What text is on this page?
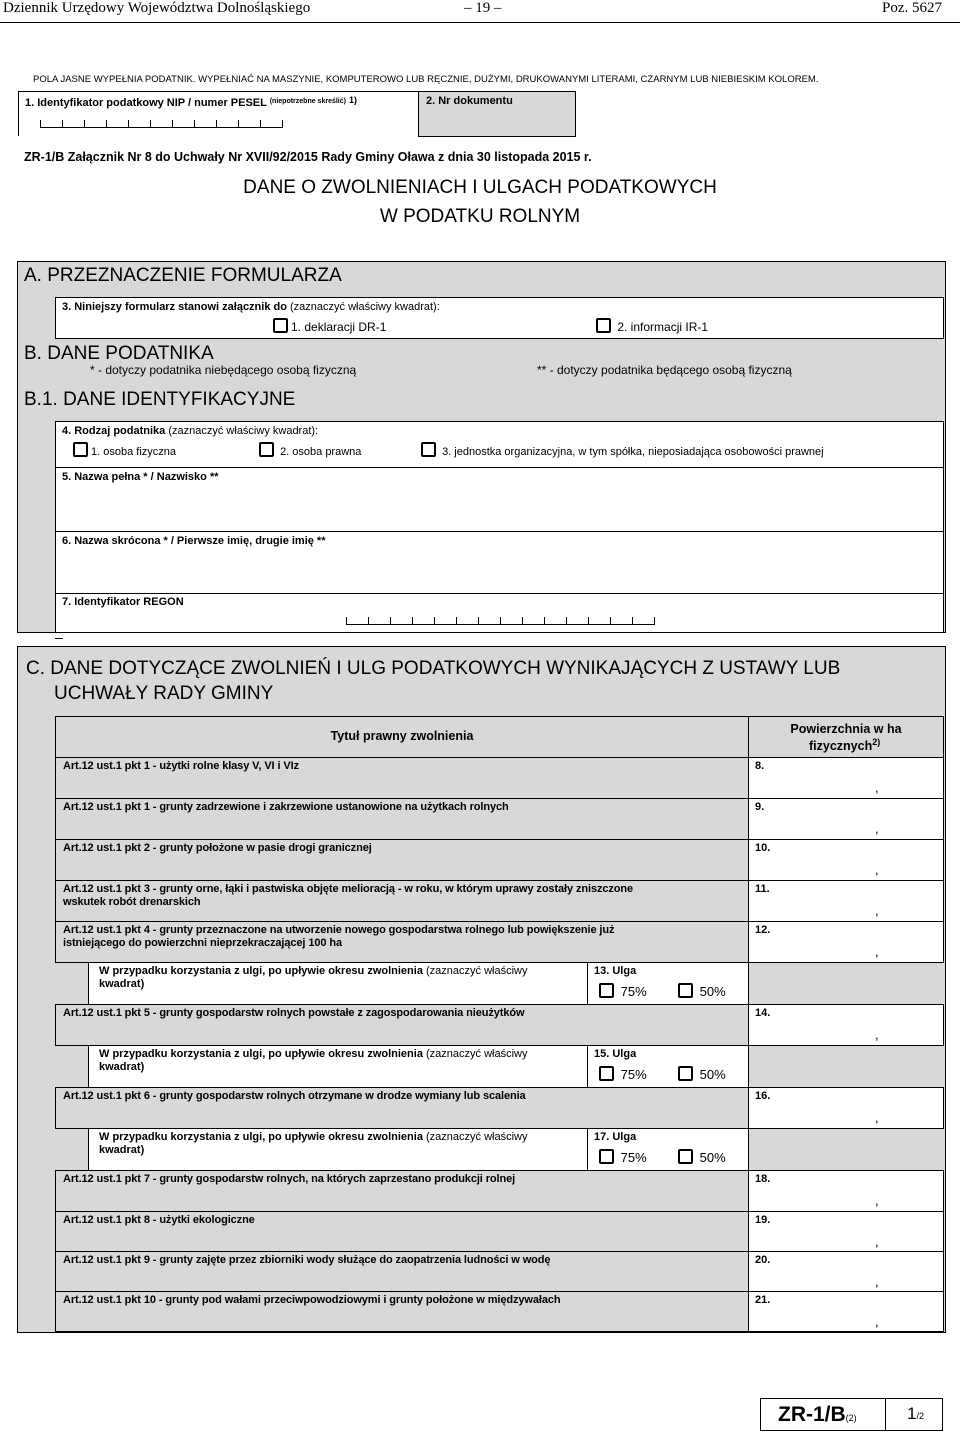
Dziennik Urzędowy Województwa Dolnośląskiego	– 19 –	Poz. 5627
POLA JASNE WYPEŁNIA PODATNIK. WYPEŁNIAĆ NA MASZYNIE, KOMPUTEROWO LUB RĘCZNIE, DUŻYMI, DRUKOWANYMI LITERAMI, CZARNYM LUB NIEBIESKIM KOLOREM.
1. Identyfikator podatkowy NIP / numer PESEL $^{(niepotrzebne skreślić)}$ $^{1)}$	2. Nr dokumentu
ZR-1/B Załącznik Nr 8 do Uchwały Nr XVII/92/2015 Rady Gminy Oława z dnia 30 listopada 2015 r.
DANE O ZWOLNIENIACH I ULGACH PODATKOWYCH
W PODATKU ROLNYM
A. PRZEZNACZENIE FORMULARZA
3. Niniejszy formularz stanowi załącznik do (zaznaczyć właściwy kwadrat):
1. deklaracji DR-1	2. informacji IR-1
B. DANE PODATNIKA
* - dotyczy podatnika niebędącego osobą fizyczną	** - dotyczy podatnika będącego osobą fizyczną
B.1. DANE IDENTYFIKACYJNE
4. Rodzaj podatnika (zaznaczyć właściwy kwadrat):
1. osoba fizyczna	2. osoba prawna	3. jednostka organizacyjna, w tym spółka, nieposiadająca osobowości prawnej
5. Nazwa pełna * / Nazwisko **
6. Nazwa skrócona * / Pierwsze imię, drugie imię **
7. Identyfikator REGON
C. DANE DOTYCZĄCE ZWOLNIEŃ I ULG PODATKOWYCH WYNIKAJĄCYCH Z USTAWY LUB
UCHWAŁY RADY GMINY
Tytuł prawny zwolnienia	Powierzchnia w ha
fizycznych$^{2)}$
Art.12 ust.1 pkt 1 - użytki rolne klasy V, VI i VIz	8.
,
Art.12 ust.1 pkt 1 - grunty zadrzewione i zakrzewione ustanowione na użytkach rolnych	9.
,
Art.12 ust.1 pkt 2 - grunty położone w pasie drogi granicznej	10.
,
Art.12 ust.1 pkt 3 - grunty orne, łąki i pastwiska objęte melioracją - w roku, w którym uprawy zostały zniszczone
wskutek robót drenarskich
11.
,
Art.12 ust.1 pkt 4 - grunty przeznaczone na utworzenie nowego gospodarstwa rolnego lub powiększenie już
istniejącego do powierzchni nieprzekraczającej 100 ha
12.
,
W przypadku korzystania z ulgi, po upływie okresu zwolnienia (zaznaczyć właściwy
kwadrat)
13. Ulga
75%	50%
Art.12 ust.1 pkt 5 - grunty gospodarstw rolnych powstałe z zagospodarowania nieużytków	14.
,
W przypadku korzystania z ulgi, po upływie okresu zwolnienia (zaznaczyć właściwy
kwadrat)
15. Ulga
75%	50%
Art.12 ust.1 pkt 6 - grunty gospodarstw rolnych otrzymane w drodze wymiany lub scalenia	16.
,
W przypadku korzystania z ulgi, po upływie okresu zwolnienia (zaznaczyć właściwy
kwadrat)
17. Ulga
75%	50%
Art.12 ust.1 pkt 7 - grunty gospodarstw rolnych, na których zaprzestano produkcji rolnej	18.
,
Art.12 ust.1 pkt 8 - użytki ekologiczne	19.
,
Art.12 ust.1 pkt 9 - grunty zajęte przez zbiorniki wody służące do zaopatrzenia ludności w wodę	20.
,
Art.12 ust.1 pkt 10 - grunty pod wałami przeciwpowodziowymi i grunty położone w międzywałach	21.
,
ZR-1/B(2)	1/2
